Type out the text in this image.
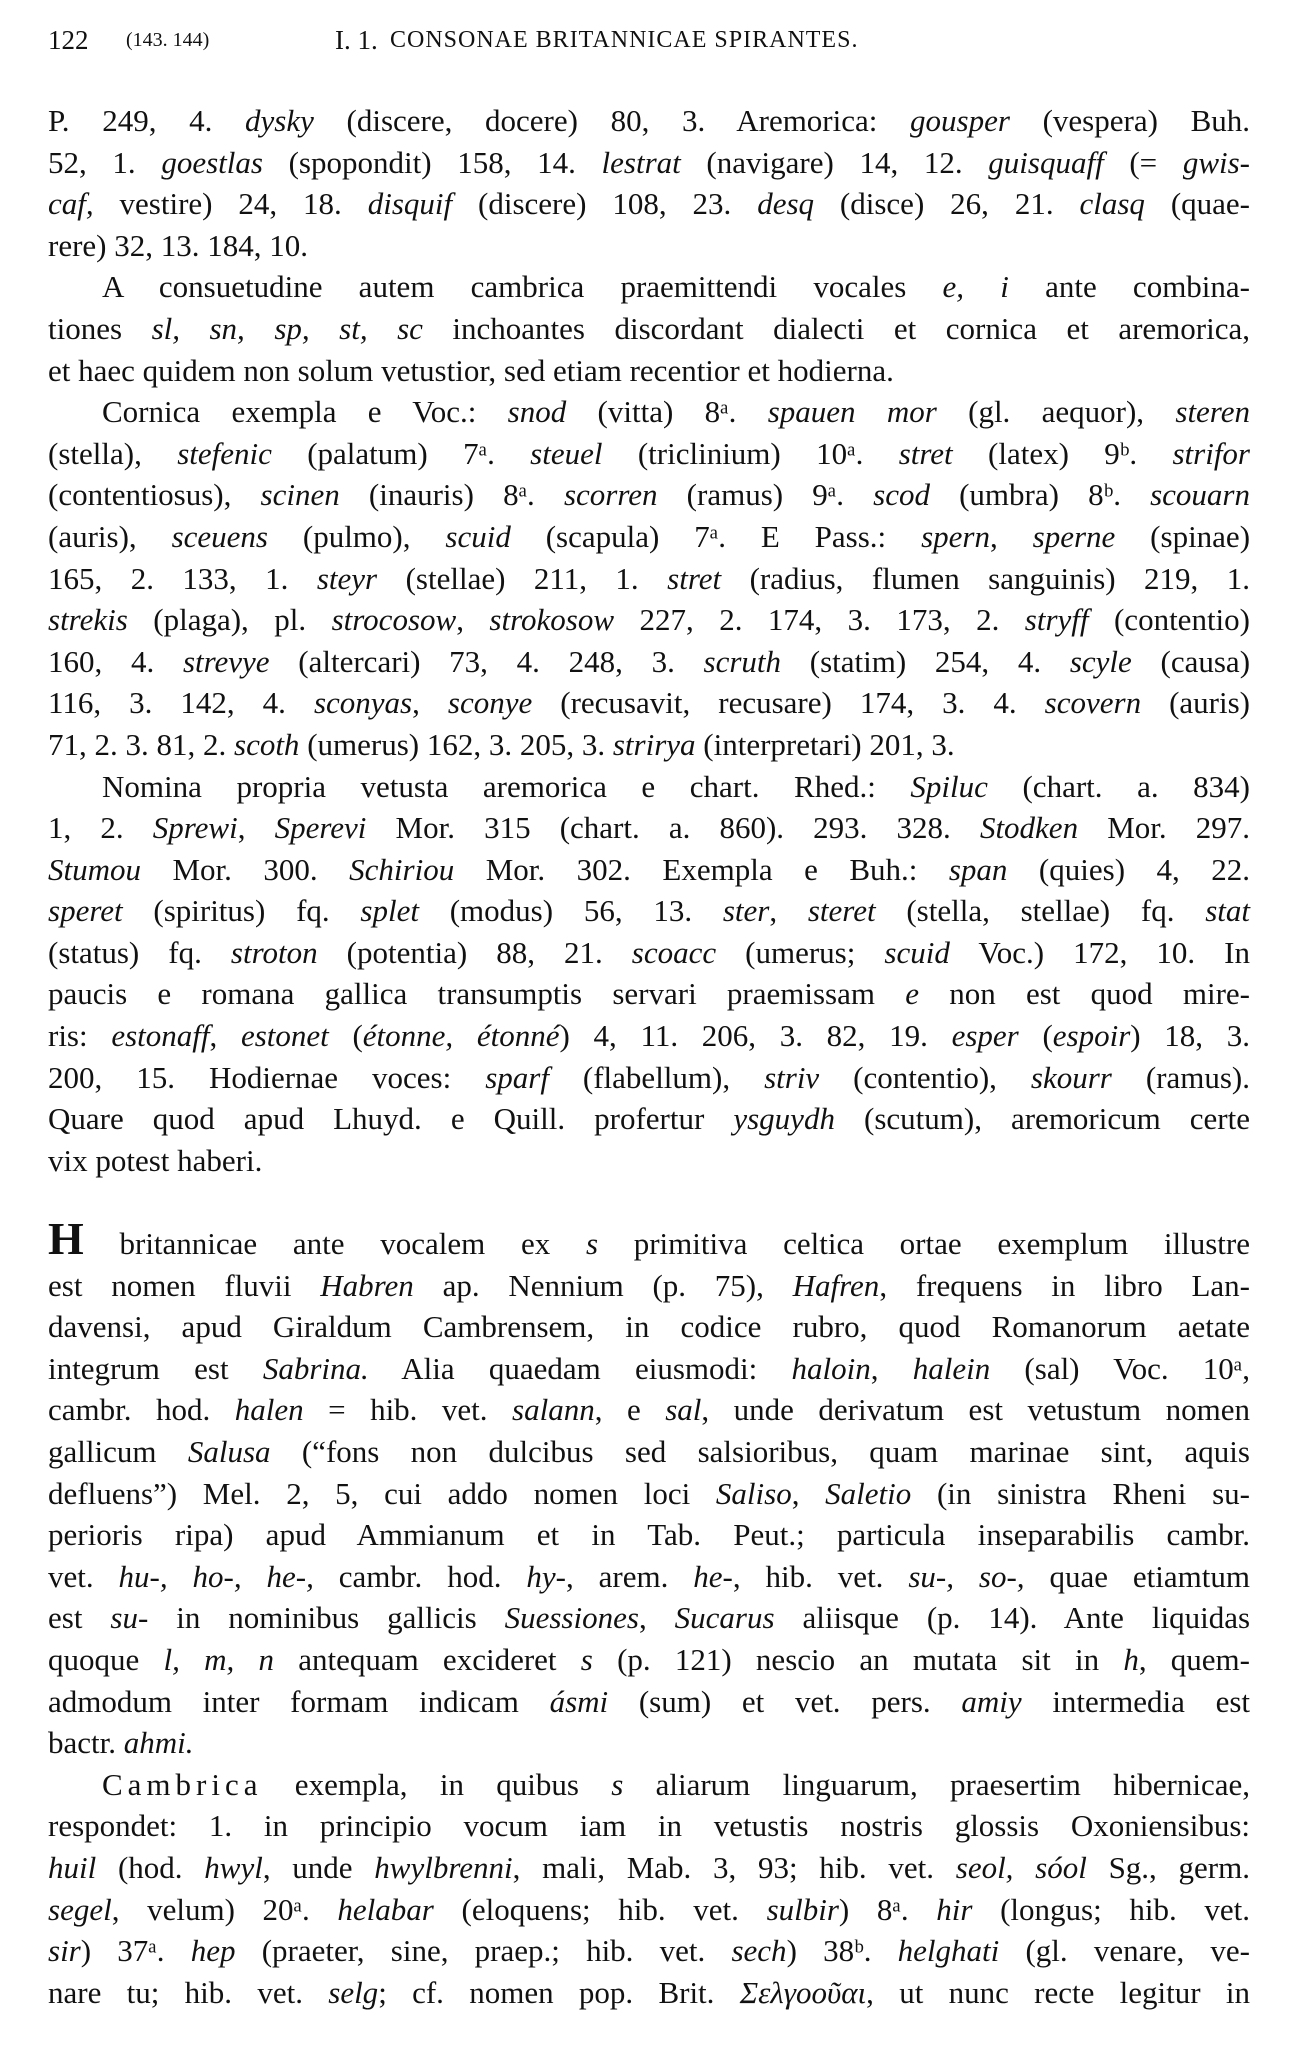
122 (143. 144)	I. 1. CONSONAE BRITANNICAE SPIRANTES.
P. 249, 4. dysky (discere, docere) 80, 3. Aremorica: gousper (vespera) Buh.
52, 1. goestlas (spopondit) 158, 14. lestrat (navigare) 14, 12. guisquaff (= gwis-
caf, vestire) 24, 18. disquif (discere) 108, 23. desq (disce) 26, 21. clasq (quae-
rere) 32, 13. 184, 10.
A consuetudine autem cambrica praemittendi vocales e, i ante combina-
tiones sl, sn, sp, st, sc inchoantes discordant dialecti et cornica et aremorica,
et haec quidem non solum vetustior, sed etiam recentior et hodierna.
Cornica exempla e Voc.: snod (vitta) 8ᵃ. spauen mor (gl. aequor), steren
(stella), stefenic (palatum) 7ᵃ. steuel (triclinium) 10ᵃ. stret (latex) 9ᵇ. strifor
(contentiosus), scinen (inauris) 8ᵃ. scorren (ramus) 9ᵃ. scod (umbra) 8ᵇ. scouarn
(auris), sceuens (pulmo), scuid (scapula) 7ᵃ. E Pass.: spern, sperne (spinae)
165, 2. 133, 1. steyr (stellae) 211, 1. stret (radius, flumen sanguinis) 219, 1.
strekis (plaga), pl. strocosow, strokosow 227, 2. 174, 3. 173, 2. stryff (contentio)
160, 4. strevye (altercari) 73, 4. 248, 3. scruth (statim) 254, 4. scyle (causa)
116, 3. 142, 4. sconyas, sconye (recusavit, recusare) 174, 3. 4. scovern (auris)
71, 2. 3. 81, 2. scoth (umerus) 162, 3. 205, 3. strirya (interpretari) 201, 3.
Nomina propria vetusta aremorica e chart. Rhed.: Spiluc (chart. a. 834)
1, 2. Sprewi, Sperevi Mor. 315 (chart. a. 860). 293. 328. Stodken Mor. 297.
Stumou Mor. 300. Schiriou Mor. 302. Exempla e Buh.: span (quies) 4, 22.
speret (spiritus) fq. splet (modus) 56, 13. ster, steret (stella, stellae) fq. stat
(status) fq. stroton (potentia) 88, 21. scoacc (umerus; scuid Voc.) 172, 10. In
paucis e romana gallica transumptis servari praemissam e non est quod mire-
ris: estonaff, estonet (étonne, étonné) 4, 11. 206, 3. 82, 19. esper (espoir) 18, 3.
200, 15. Hodiernae voces: sparf (flabellum), striv (contentio), skourr (ramus).
Quare quod apud Lhuyd. e Quill. profertur ysguydh (scutum), aremoricum certe
vix potest haberi.
H britannicae ante vocalem ex s primitiva celtica ortae exemplum illustre
est nomen fluvii Habren ap. Nennium (p. 75), Hafren, frequens in libro Lan-
davensi, apud Giraldum Cambrensem, in codice rubro, quod Romanorum aetate
integrum est Sabrina. Alia quaedam eiusmodi: haloin, halein (sal) Voc. 10ᵃ,
cambr. hod. halen = hib. vet. salann, e sal, unde derivatum est vetustum nomen
gallicum Salusa (“fons non dulcibus sed salsioribus, quam marinae sint, aquis
defluens”) Mel. 2, 5, cui addo nomen loci Saliso, Saletio (in sinistra Rheni su-
perioris ripa) apud Ammianum et in Tab. Peut.; particula inseparabilis cambr.
vet. hu-, ho-, he-, cambr. hod. hy-, arem. he-, hib. vet. su-, so-, quae etiamtum
est su- in nominibus gallicis Suessiones, Sucarus aliisque (p. 14). Ante liquidas
quoque l, m, n antequam excideret s (p. 121) nescio an mutata sit in h, quem-
admodum inter formam indicam ásmi (sum) et vet. pers. amiy intermedia est
bactr. ahmi.
Cambrica exempla, in quibus s aliarum linguarum, praesertim hibernicae,
respondet: 1. in principio vocum iam in vetustis nostris glossis Oxoniensibus:
huil (hod. hwyl, unde hwylbrenni, mali, Mab. 3, 93; hib. vet. seol, sóol Sg., germ.
segel, velum) 20ᵃ. helabar (eloquens; hib. vet. sulbir) 8ᵃ. hir (longus; hib. vet.
sir) 37ᵃ. hep (praeter, sine, praep.; hib. vet. sech) 38ᵇ. helghati (gl. venare, ve-
nare tu; hib. vet. selg; cf. nomen pop. Brit. Σελγοοῦαι, ut nunc recte legitur in
